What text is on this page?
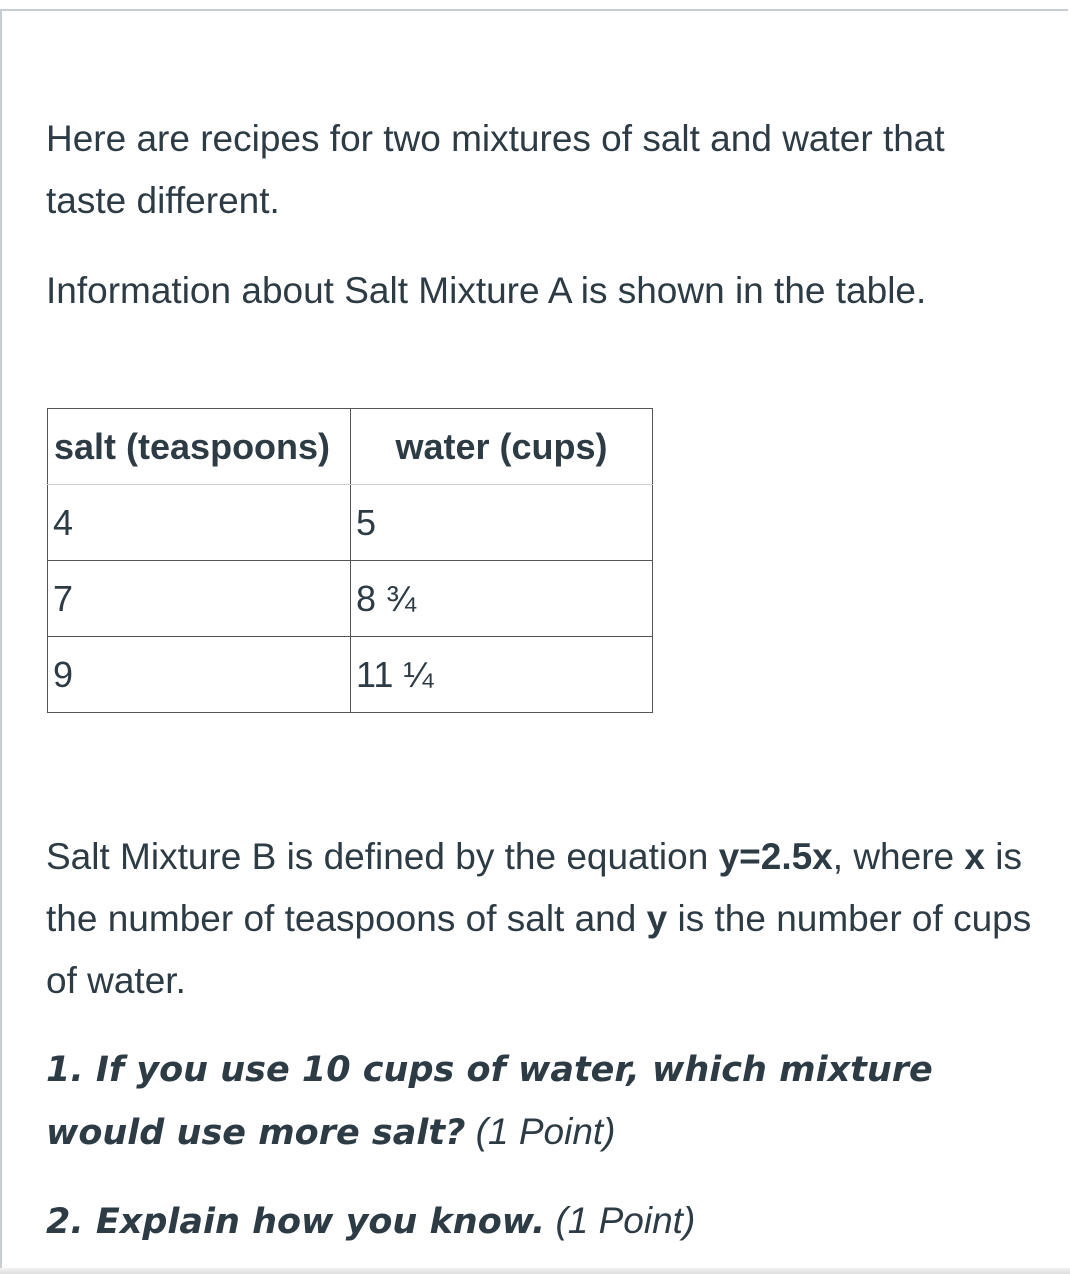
Here are recipes for two mixtures of salt and water that taste different.

Information about Salt Mixture A is shown in the table.

Salt Mixture B is defined by the equation y=2.5x, where x is the number of teaspoons of salt and y is the number of cups of water.

1. If you use 10 cups of water, which mixture would use more salt? (1 Point)

2. Explain how you know. (1 Point)

salt (teaspoons)	water (cups)
4	5
7	8 ¾
9	11 ¼
